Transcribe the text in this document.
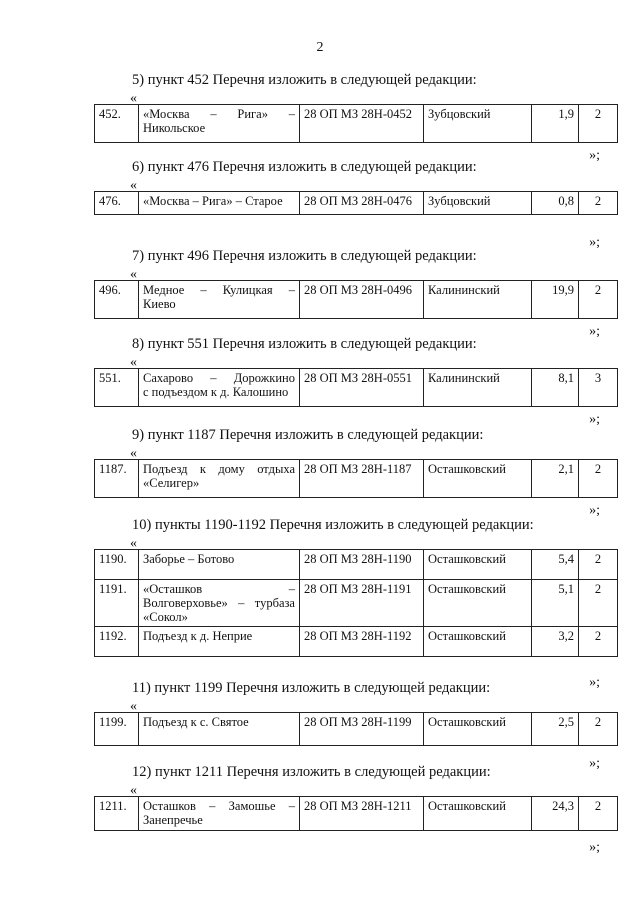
2
5) пункт 452 Перечня изложить в следующей редакции:
«
452.	«Москва – Рига» –
Никольское
	28 ОП МЗ 28Н-0452	Зубцовский	1,9	2
»;
6) пункт 476 Перечня изложить в следующей редакции:
«
476.	«Москва – Рига» – Старое	28 ОП МЗ 28Н-0476	Зубцовский	0,8	2
»;
7) пункт 496 Перечня изложить в следующей редакции:
«
496.	Медное – Кулицкая –
Киево
	28 ОП МЗ 28Н-0496	Калининский	19,9	2
»;
8) пункт 551 Перечня изложить в следующей редакции:
«
551.	Сахарово – Дорожкино
с подъездом к д. Калошино
	28 ОП МЗ 28Н-0551	Калининский	8,1	3
»;
9) пункт 1187 Перечня изложить в следующей редакции:
«
1187.	Подъезд к дому отдыха
«Селигер»
	28 ОП МЗ 28Н-1187	Осташковский	2,1	2
»;
10) пункты 1190-1192 Перечня изложить в следующей редакции:
«
1190.	Заборье – Ботово	28 ОП МЗ 28Н-1190	Осташковский	5,4	2
1191.	«Осташков –
Волговерховье» – турбаза
«Сокол»	28 ОП МЗ 28Н-1191	Осташковский	5,1	2
1192.	Подъезд к д. Неприе	28 ОП МЗ 28Н-1192	Осташковский	3,2	2
»;
11) пункт 1199 Перечня изложить в следующей редакции:
«
1199.	Подъезд к с. Святое	28 ОП МЗ 28Н-1199	Осташковский	2,5	2
»;
12) пункт 1211 Перечня изложить в следующей редакции:
«
1211.	Осташков – Замошье –
Занепречье
	28 ОП МЗ 28Н-1211	Осташковский	24,3	2
»;
